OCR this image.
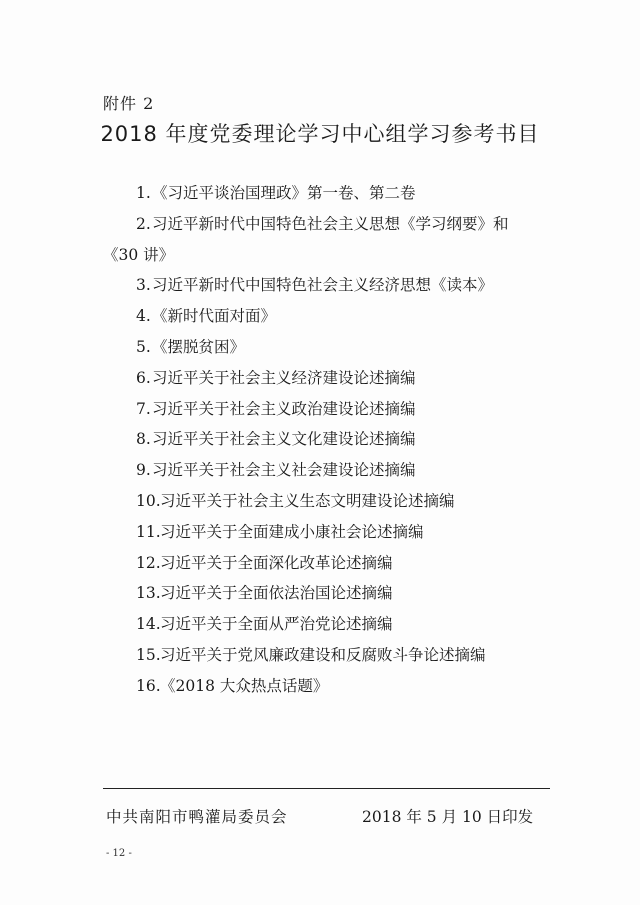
附件 2
2018 年度党委理论学习中心组学习参考书目
1. 《习近平谈治国理政》第一卷、第二卷
2. 习近平新时代中国特色社会主义思想《学习纲要》和
《30 讲》
3. 习近平新时代中国特色社会主义经济思想《读本》
4. 《新时代面对面》
5. 《摆脱贫困》
6. 习近平关于社会主义经济建设论述摘编
7. 习近平关于社会主义政治建设论述摘编
8. 习近平关于社会主义文化建设论述摘编
9. 习近平关于社会主义社会建设论述摘编
10. 习近平关于社会主义生态文明建设论述摘编
11. 习近平关于全面建成小康社会论述摘编
12. 习近平关于全面深化改革论述摘编
13. 习近平关于全面依法治国论述摘编
14. 习近平关于全面从严治党论述摘编
15. 习近平关于党风廉政建设和反腐败斗争论述摘编
16. 《2018 大众热点话题》
中共南阳市鸭灌局委员会	2018 年 5 月 10 日印发
- 12 -
